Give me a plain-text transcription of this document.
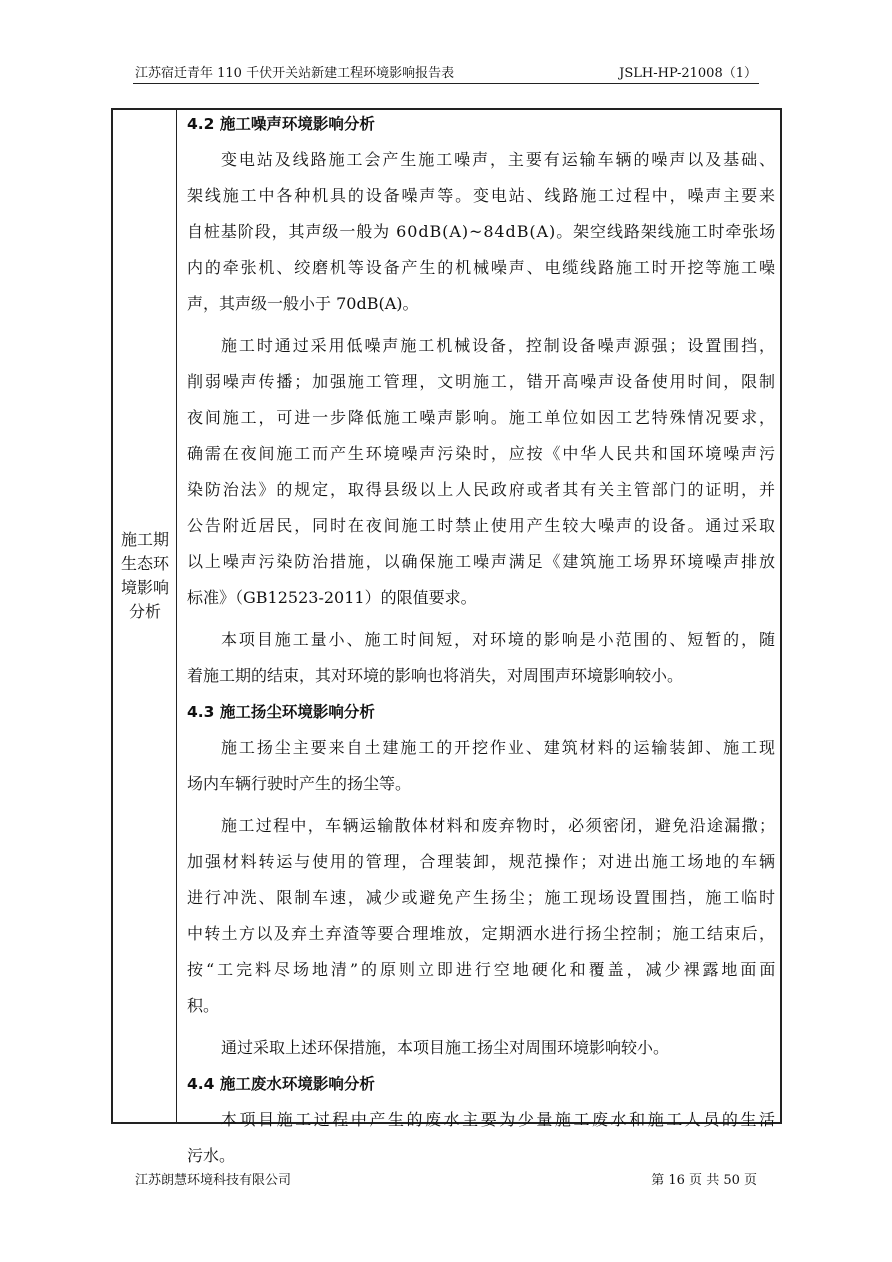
江苏宿迁青年 110 千伏开关站新建工程环境影响报告表	JSLH-HP-21008（1）
施工期
生态环
境影响
分析
4.2 施工噪声环境影响分析
变电站及线路施工会产生施工噪声，主要有运输车辆的噪声以及基础、
架线施工中各种机具的设备噪声等。变电站、线路施工过程中，噪声主要来
自桩基阶段，其声级一般为 60dB(A)~84dB(A)。架空线路架线施工时牵张场
内的牵张机、绞磨机等设备产生的机械噪声、电缆线路施工时开挖等施工噪
声，其声级一般小于 70dB(A)。
施工时通过采用低噪声施工机械设备，控制设备噪声源强；设置围挡，
削弱噪声传播；加强施工管理，文明施工，错开高噪声设备使用时间，限制
夜间施工，可进一步降低施工噪声影响。施工单位如因工艺特殊情况要求，
确需在夜间施工而产生环境噪声污染时，应按《中华人民共和国环境噪声污
染防治法》的规定，取得县级以上人民政府或者其有关主管部门的证明，并
公告附近居民，同时在夜间施工时禁止使用产生较大噪声的设备。通过采取
以上噪声污染防治措施，以确保施工噪声满足《建筑施工场界环境噪声排放
标准》（GB12523-2011）的限值要求。
本项目施工量小、施工时间短，对环境的影响是小范围的、短暂的，随
着施工期的结束，其对环境的影响也将消失，对周围声环境影响较小。
4.3 施工扬尘环境影响分析
施工扬尘主要来自土建施工的开挖作业、建筑材料的运输装卸、施工现
场内车辆行驶时产生的扬尘等。
施工过程中，车辆运输散体材料和废弃物时，必须密闭，避免沿途漏撒；
加强材料转运与使用的管理，合理装卸，规范操作；对进出施工场地的车辆
进行冲洗、限制车速，减少或避免产生扬尘；施工现场设置围挡，施工临时
中转土方以及弃土弃渣等要合理堆放，定期洒水进行扬尘控制；施工结束后，
按“工完料尽场地清”的原则立即进行空地硬化和覆盖，减少裸露地面面
积。
通过采取上述环保措施，本项目施工扬尘对周围环境影响较小。
4.4 施工废水环境影响分析
本项目施工过程中产生的废水主要为少量施工废水和施工人员的生活
污水。
江苏朗慧环境科技有限公司	第 16 页 共 50 页
